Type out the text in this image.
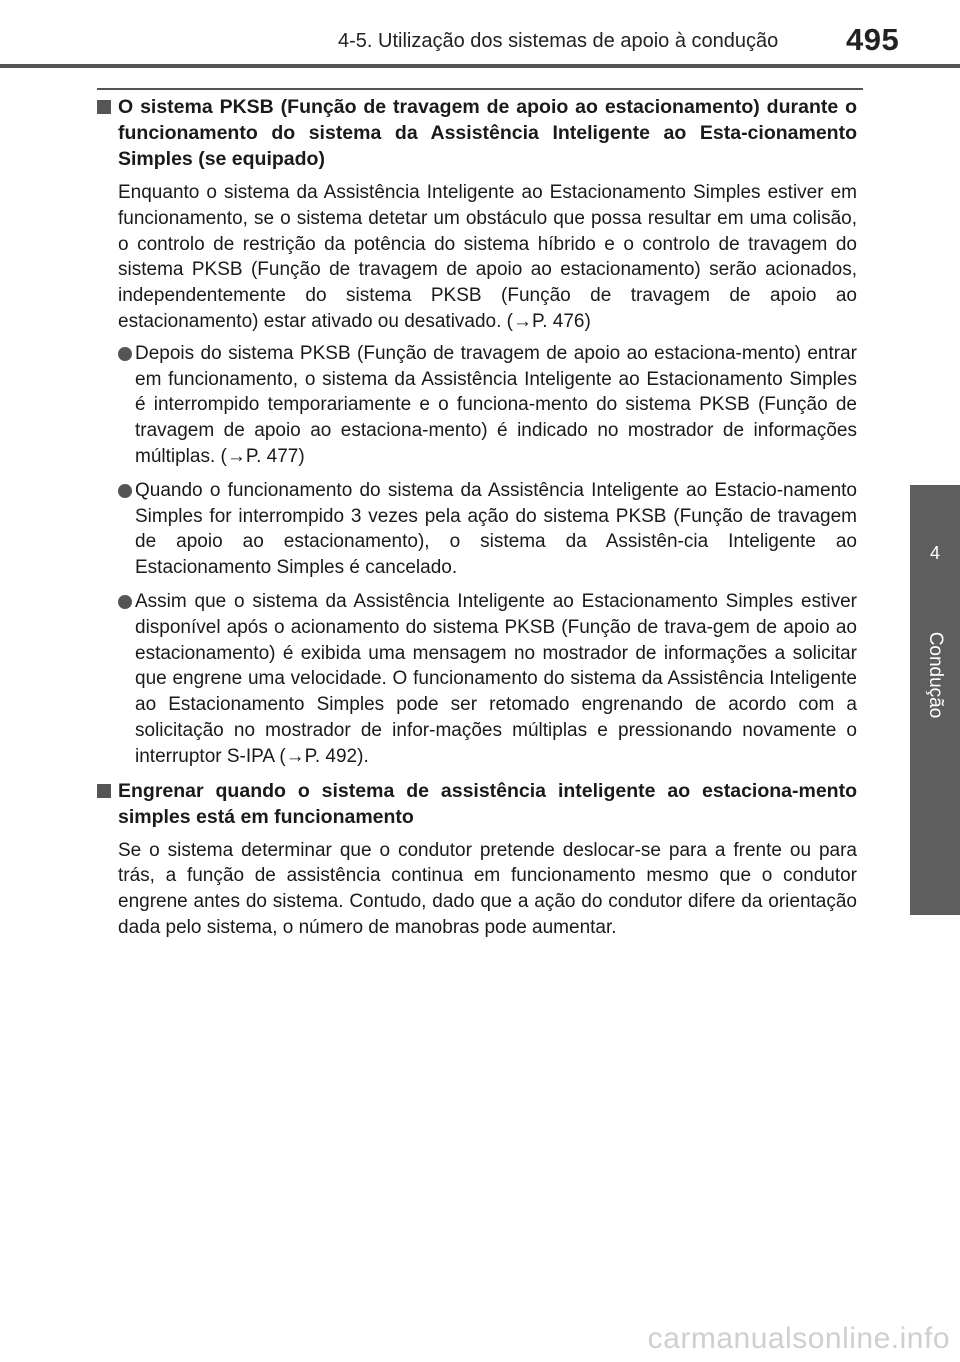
4-5. Utilização dos sistemas de apoio à condução 495
4
Condução
O sistema PKSB (Função de travagem de apoio ao estacionamento) durante o funcionamento do sistema da Assistência Inteligente ao Esta-cionamento Simples (se equipado)

Enquanto o sistema da Assistência Inteligente ao Estacionamento Simples estiver em funcionamento, se o sistema detetar um obstáculo que possa resultar em uma colisão, o controlo de restrição da potência do sistema híbrido e o controlo de travagem do sistema PKSB (Função de travagem de apoio ao estacionamento) serão acionados, independentemente do sistema PKSB (Função de travagem de apoio ao estacionamento) estar ativado ou desativado. (→P. 476)

Depois do sistema PKSB (Função de travagem de apoio ao estaciona-mento) entrar em funcionamento, o sistema da Assistência Inteligente ao Estacionamento Simples é interrompido temporariamente e o funciona-mento do sistema PKSB (Função de travagem de apoio ao estaciona-mento) é indicado no mostrador de informações múltiplas. (→P. 477)
Quando o funcionamento do sistema da Assistência Inteligente ao Estacio-namento Simples for interrompido 3 vezes pela ação do sistema PKSB (Função de travagem de apoio ao estacionamento), o sistema da Assistên-cia Inteligente ao Estacionamento Simples é cancelado.
Assim que o sistema da Assistência Inteligente ao Estacionamento Simples estiver disponível após o acionamento do sistema PKSB (Função de trava-gem de apoio ao estacionamento) é exibida uma mensagem no mostrador de informações a solicitar que engrene uma velocidade. O funcionamento do sistema da Assistência Inteligente ao Estacionamento Simples pode ser retomado engrenando de acordo com a solicitação no mostrador de infor-mações múltiplas e pressionando novamente o interruptor S-IPA (→P. 492).
Engrenar quando o sistema de assistência inteligente ao estaciona-mento simples está em funcionamento

Se o sistema determinar que o condutor pretende deslocar-se para a frente ou para trás, a função de assistência continua em funcionamento mesmo que o condutor engrene antes do sistema. Contudo, dado que a ação do condutor difere da orientação dada pelo sistema, o número de manobras pode aumentar.

carmanualsonline.info
